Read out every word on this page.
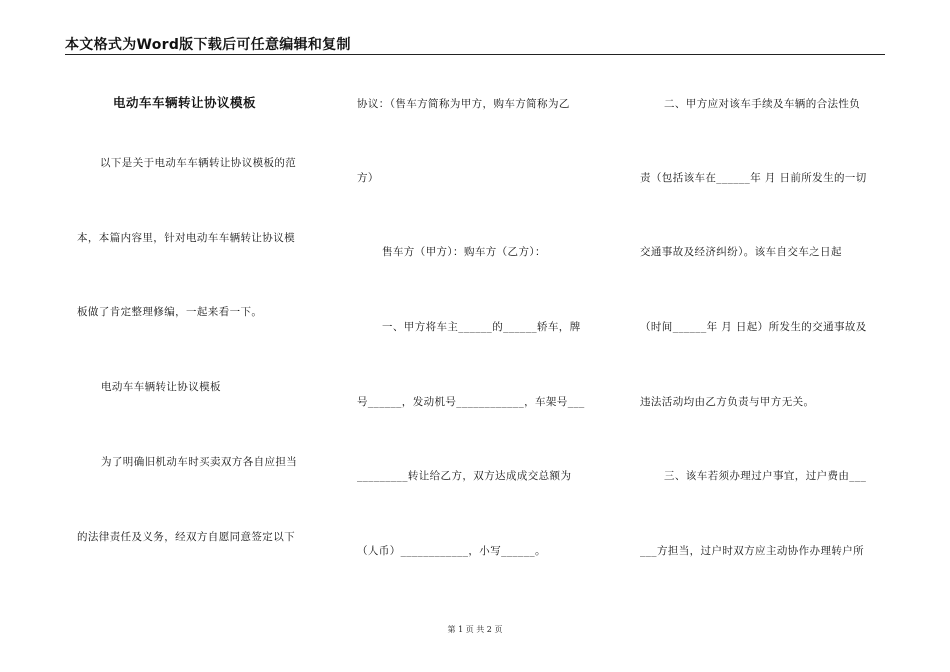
本文格式为Word版下载后可任意编辑和复制
电动车车辆转让协议模板
以下是关于电动车车辆转让协议模板的范
本，本篇内容里，针对电动车车辆转让协议模
板做了肯定整理修编，一起来看一下。
电动车车辆转让协议模板
为了明确旧机动车时买卖双方各自应担当
的法律责任及义务，经双方自愿同意签定以下
协议：（售车方简称为甲方，购车方简称为乙
方）
售车方（甲方）：购车方（乙方）：
一、甲方将车主______的______轿车，牌
号______，发动机号____________，车架号___
_________转让给乙方，双方达成成交总额为
（人币）____________，小写______。
二、甲方应对该车手续及车辆的合法性负
责（包括该车在______年 月 日前所发生的一切
交通事故及经济纠纷）。该车自交车之日起
（时间______年 月 日起）所发生的交通事故及
违法活动均由乙方负责与甲方无关。
三、该车若须办理过户事宜，过户费由___
___方担当，过户时双方应主动协作办理转户所
第 1 页 共 2 页
